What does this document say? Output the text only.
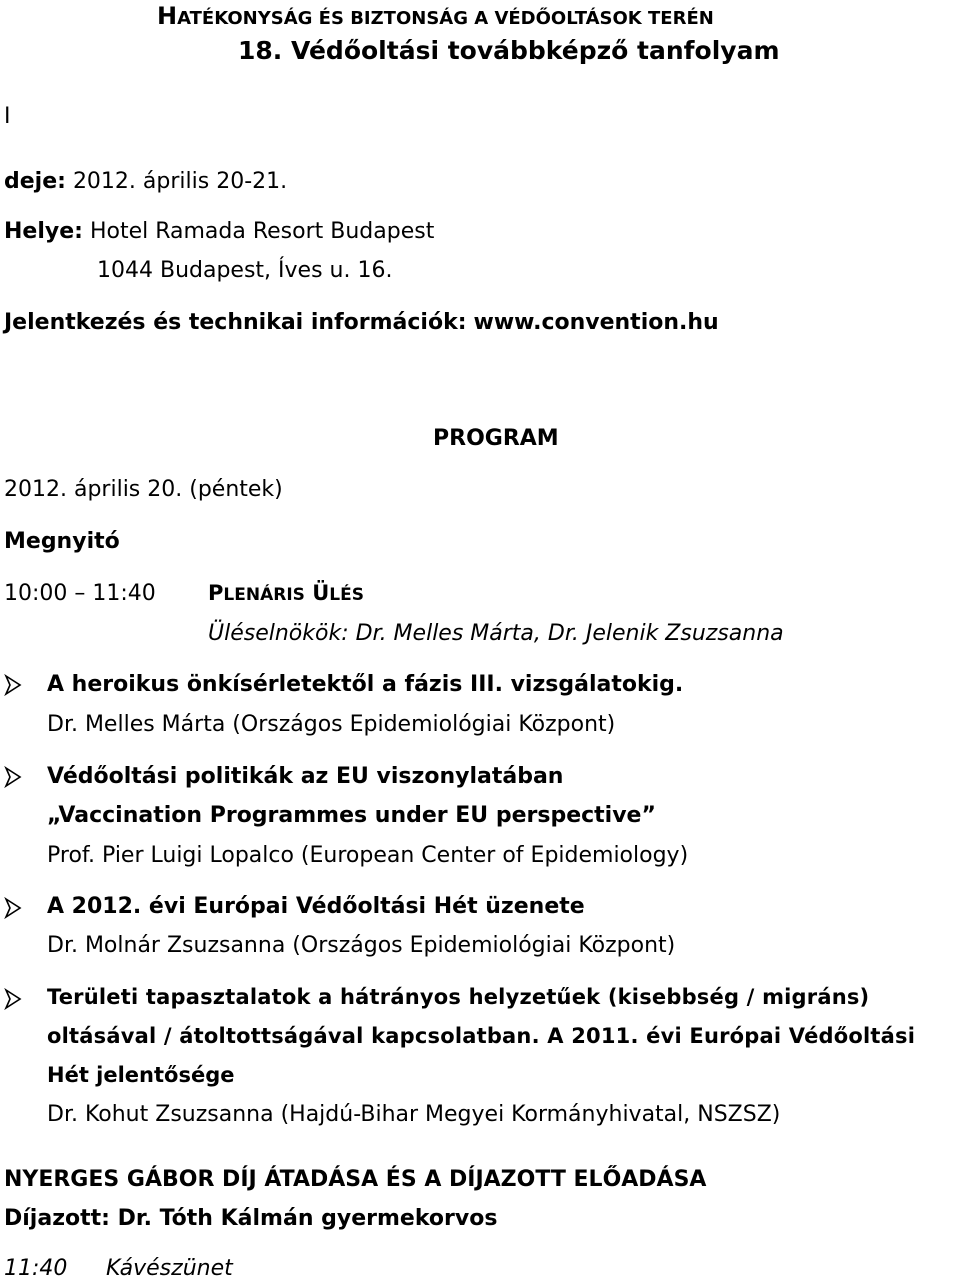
HATÉKONYSÁG ÉS BIZTONSÁG A VÉDŐOLTÁSOK TERÉN
18. Védőoltási továbbképző tanfolyam
I
deje: 2012. április 20-21.
Helye: Hotel Ramada Resort Budapest
1044 Budapest, Íves u. 16.
Jelentkezés és technikai információk: www.convention.hu
PROGRAM
2012. április 20. (péntek)
Megnyitó
10:00 – 11:40 PLENÁRIS ÜLÉS
Üléselnökök: Dr. Melles Márta, Dr. Jelenik Zsuzsanna
A heroikus önkísérletektől a fázis III. vizsgálatokig.
Dr. Melles Márta (Országos Epidemiológiai Központ)
Védőoltási politikák az EU viszonylatában
„Vaccination Programmes under EU perspective”
Prof. Pier Luigi Lopalco (European Center of Epidemiology)
A 2012. évi Európai Védőoltási Hét üzenete
Dr. Molnár Zsuzsanna (Országos Epidemiológiai Központ)
Területi tapasztalatok a hátrányos helyzetűek (kisebbség / migráns)
oltásával / átoltottságával kapcsolatban. A 2011. évi Európai Védőoltási
Hét jelentősége
Dr. Kohut Zsuzsanna (Hajdú-Bihar Megyei Kormányhivatal, NSZSZ)
NYERGES GÁBOR DÍJ ÁTADÁSA ÉS A DÍJAZOTT ELŐADÁSA
Díjazott: Dr. Tóth Kálmán gyermekorvos
11:40 Kávészünet
